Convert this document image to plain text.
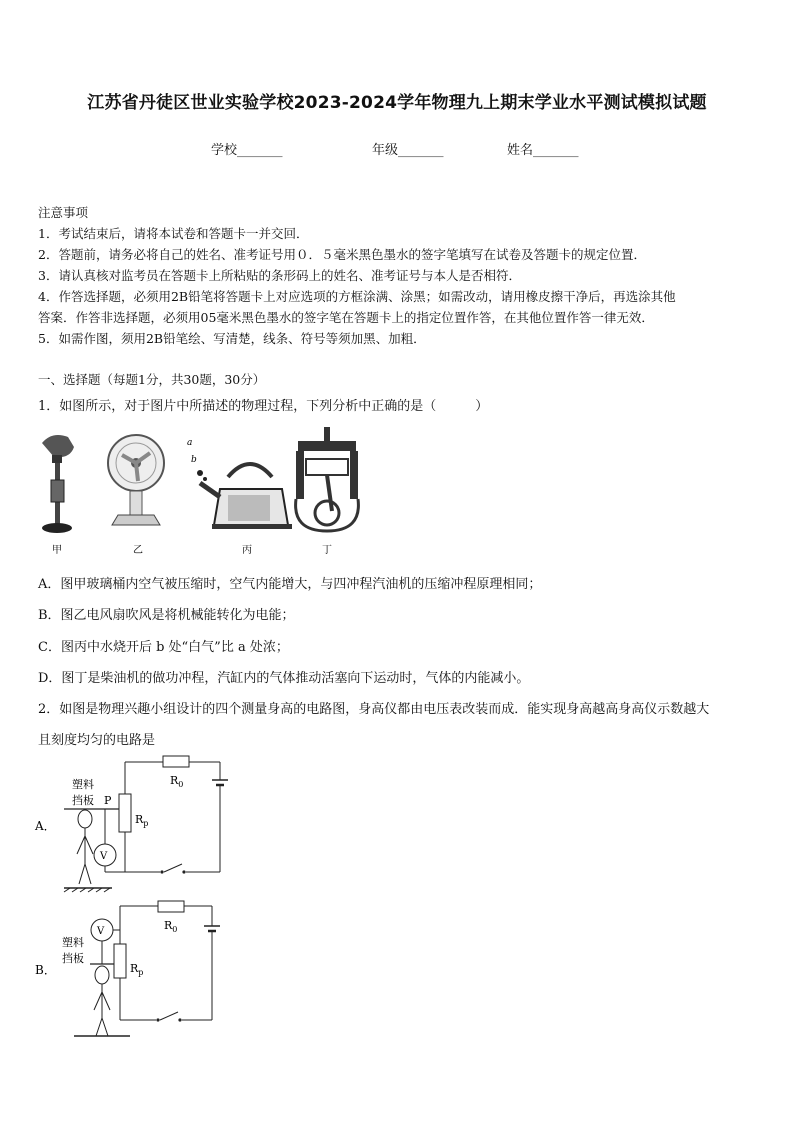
江苏省丹徒区世业实验学校2023-2024学年物理九上期末学业水平测试模拟试题
学校_______	年级_______	姓名_______
注意事项
1．考试结束后，请将本试卷和答题卡一并交回．
2．答题前，请务必将自己的姓名、准考证号用０．５毫米黑色墨水的签字笔填写在试卷及答题卡的规定位置．
3．请认真核对监考员在答题卡上所粘贴的条形码上的姓名、准考证号与本人是否相符．
4．作答选择题，必须用2B铅笔将答题卡上对应选项的方框涂满、涂黑；如需改动，请用橡皮擦干净后，再选涂其他
答案．作答非选择题，必须用05毫米黑色墨水的签字笔在答题卡上的指定位置作答，在其他位置作答一律无效．
5．如需作图，须用2B铅笔绘、写清楚，线条、符号等须加黑、加粗．
一、选择题（每题1分，共30题，30分）
1．如图所示，对于图片中所描述的物理过程，下列分析中正确的是（　　　）
甲	乙
a
b
丙	丁
A．图甲玻璃桶内空气被压缩时，空气内能增大，与四冲程汽油机的压缩冲程原理相同；
B．图乙电风扇吹风是将机械能转化为电能；
C．图丙中水烧开后 b 处“白气”比 a 处浓；
D．图丁是柴油机的做功冲程，汽缸内的气体推动活塞向下运动时，气体的内能减小。
2．如图是物理兴趣小组设计的四个测量身高的电路图，身高仪都由电压表改装而成．能实现身高越高身高仪示数越大
且刻度均匀的电路是
A．
塑料
挡板 P
$R_p$
$R_0$
V
B．
塑料
挡板
V
$R_p$
$R_0$
